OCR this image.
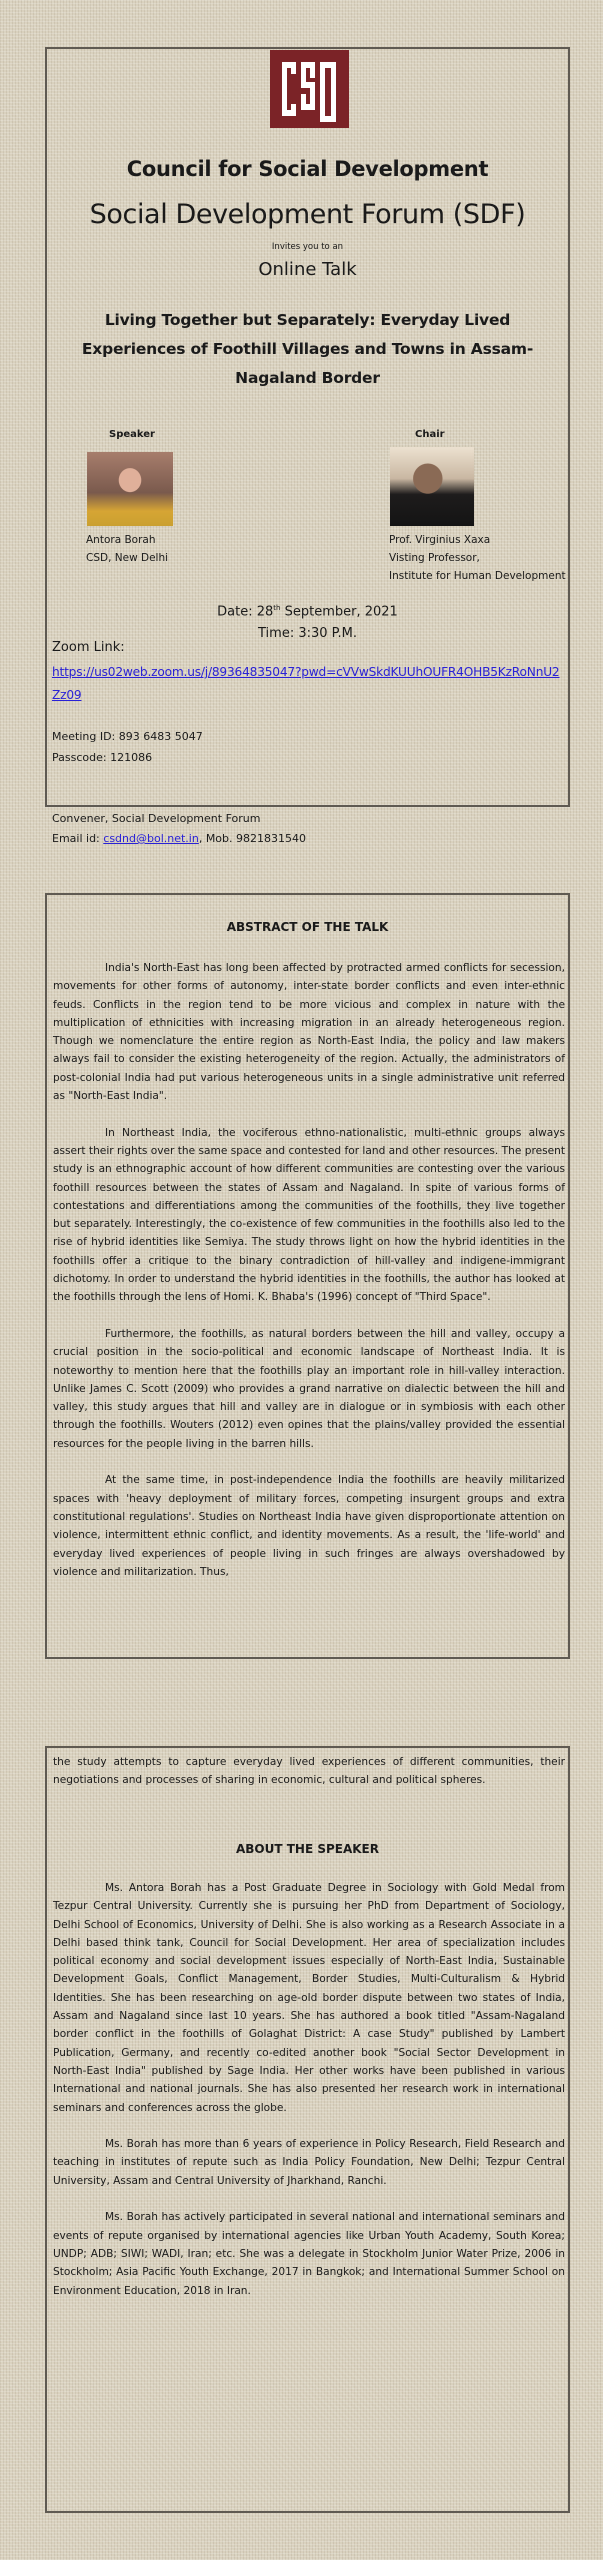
Council for Social Development
Social Development Forum (SDF)
Invites you to an
Online Talk
Living Together but Separately: Everyday Lived Experiences of Foothill Villages and Towns in Assam-Nagaland Border
Speaker
Antora Borah
CSD, New Delhi
Chair
Prof. Virginius Xaxa
Visting Professor,
Institute for Human Development
Date: 28th September, 2021
Time: 3:30 P.M.
Zoom Link:
https://us02web.zoom.us/j/89364835047?pwd=cVVwSkdKUUhOUFR4OHB5KzRoNnU2Zz09
Meeting ID: 893 6483 5047
Passcode: 121086
Convener, Social Development Forum
Email id: csdnd@bol.net.in, Mob. 9821831540
ABSTRACT OF THE TALK

India's North-East has long been affected by protracted armed conflicts for secession, movements for other forms of autonomy, inter-state border conflicts and even inter-ethnic feuds. Conflicts in the region tend to be more vicious and complex in nature with the multiplication of ethnicities with increasing migration in an already heterogeneous region. Though we nomenclature the entire region as North-East India, the policy and law makers always fail to consider the existing heterogeneity of the region. Actually, the administrators of post-colonial India had put various heterogeneous units in a single administrative unit referred as "North-East India".

In Northeast India, the vociferous ethno-nationalistic, multi-ethnic groups always assert their rights over the same space and contested for land and other resources. The present study is an ethnographic account of how different communities are contesting over the various foothill resources between the states of Assam and Nagaland. In spite of various forms of contestations and differentiations among the communities of the foothills, they live together but separately. Interestingly, the co-existence of few communities in the foothills also led to the rise of hybrid identities like Semiya. The study throws light on how the hybrid identities in the foothills offer a critique to the binary contradiction of hill-valley and indigene-immigrant dichotomy. In order to understand the hybrid identities in the foothills, the author has looked at the foothills through the lens of Homi. K. Bhaba's (1996) concept of "Third Space".

Furthermore, the foothills, as natural borders between the hill and valley, occupy a crucial position in the socio-political and economic landscape of Northeast India. It is noteworthy to mention here that the foothills play an important role in hill-valley interaction. Unlike James C. Scott (2009) who provides a grand narrative on dialectic between the hill and valley, this study argues that hill and valley are in dialogue or in symbiosis with each other through the foothills. Wouters (2012) even opines that the plains/valley provided the essential resources for the people living in the barren hills.

At the same time, in post-independence India the foothills are heavily militarized spaces with 'heavy deployment of military forces, competing insurgent groups and extra constitutional regulations'. Studies on Northeast India have given disproportionate attention on violence, intermittent ethnic conflict, and identity movements. As a result, the 'life-world' and everyday lived experiences of people living in such fringes are always overshadowed by violence and militarization. Thus,

the study attempts to capture everyday lived experiences of different communities, their negotiations and processes of sharing in economic, cultural and political spheres.

ABOUT THE SPEAKER

Ms. Antora Borah has a Post Graduate Degree in Sociology with Gold Medal from Tezpur Central University. Currently she is pursuing her PhD from Department of Sociology, Delhi School of Economics, University of Delhi. She is also working as a Research Associate in a Delhi based think tank, Council for Social Development. Her area of specialization includes political economy and social development issues especially of North-East India, Sustainable Development Goals, Conflict Management, Border Studies, Multi-Culturalism & Hybrid Identities. She has been researching on age-old border dispute between two states of India, Assam and Nagaland since last 10 years. She has authored a book titled "Assam-Nagaland border conflict in the foothills of Golaghat District: A case Study" published by Lambert Publication, Germany, and recently co-edited another book "Social Sector Development in North-East India" published by Sage India. Her other works have been published in various International and national journals. She has also presented her research work in international seminars and conferences across the globe.

Ms. Borah has more than 6 years of experience in Policy Research, Field Research and teaching in institutes of repute such as India Policy Foundation, New Delhi; Tezpur Central University, Assam and Central University of Jharkhand, Ranchi.

Ms. Borah has actively participated in several national and international seminars and events of repute organised by international agencies like Urban Youth Academy, South Korea; UNDP; ADB; SIWI; WADI, Iran; etc. She was a delegate in Stockholm Junior Water Prize, 2006 in Stockholm; Asia Pacific Youth Exchange, 2017 in Bangkok; and International Summer School on Environment Education, 2018 in Iran.
